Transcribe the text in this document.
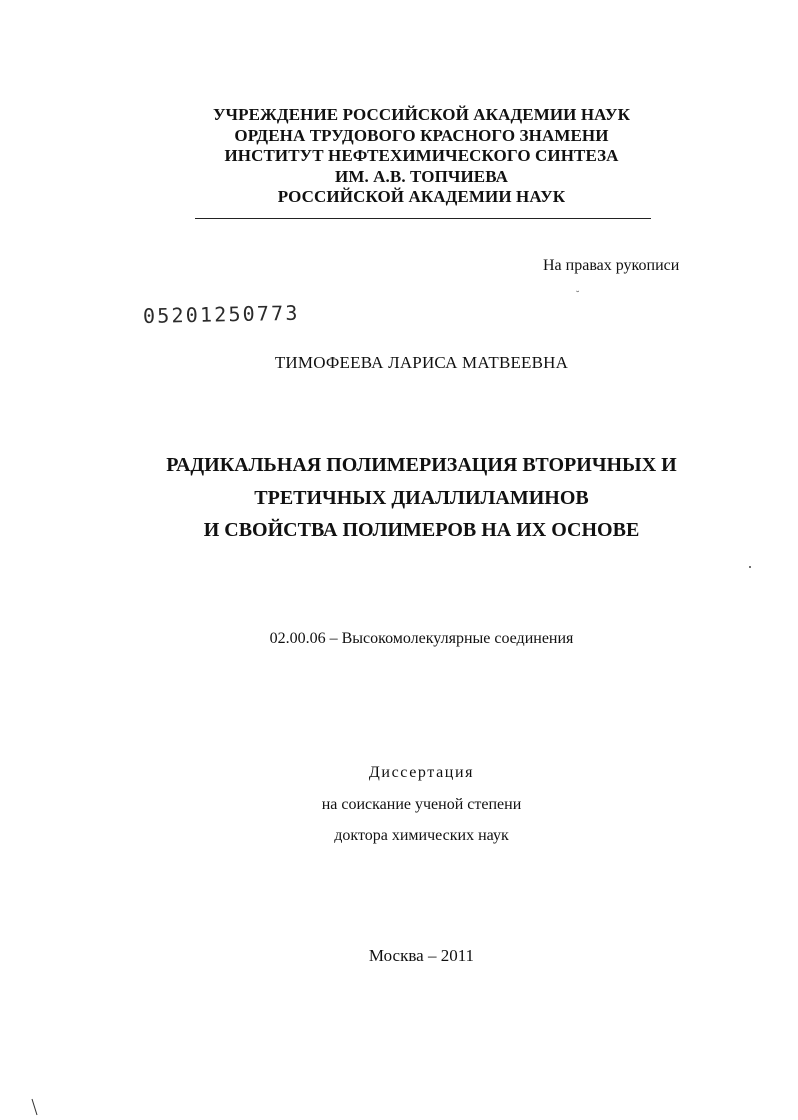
УЧРЕЖДЕНИЕ РОССИЙСКОЙ АКАДЕМИИ НАУК
ОРДЕНА ТРУДОВОГО КРАСНОГО ЗНАМЕНИ
ИНСТИТУТ НЕФТЕХИМИЧЕСКОГО СИНТЕЗА
ИМ. А.В. ТОПЧИЕВА
РОССИЙСКОЙ АКАДЕМИИ НАУК
На правах рукописи
˘
05201250773
ТИМОФЕЕВА ЛАРИСА МАТВЕЕВНА
РАДИКАЛЬНАЯ ПОЛИМЕРИЗАЦИЯ ВТОРИЧНЫХ И
ТРЕТИЧНЫХ ДИАЛЛИЛАМИНОВ
И СВОЙСТВА ПОЛИМЕРОВ НА ИХ ОСНОВЕ
02.00.06 – Высокомолекулярные соединения
Диссертация
на соискание ученой степени
доктора химических наук
Москва – 2011
